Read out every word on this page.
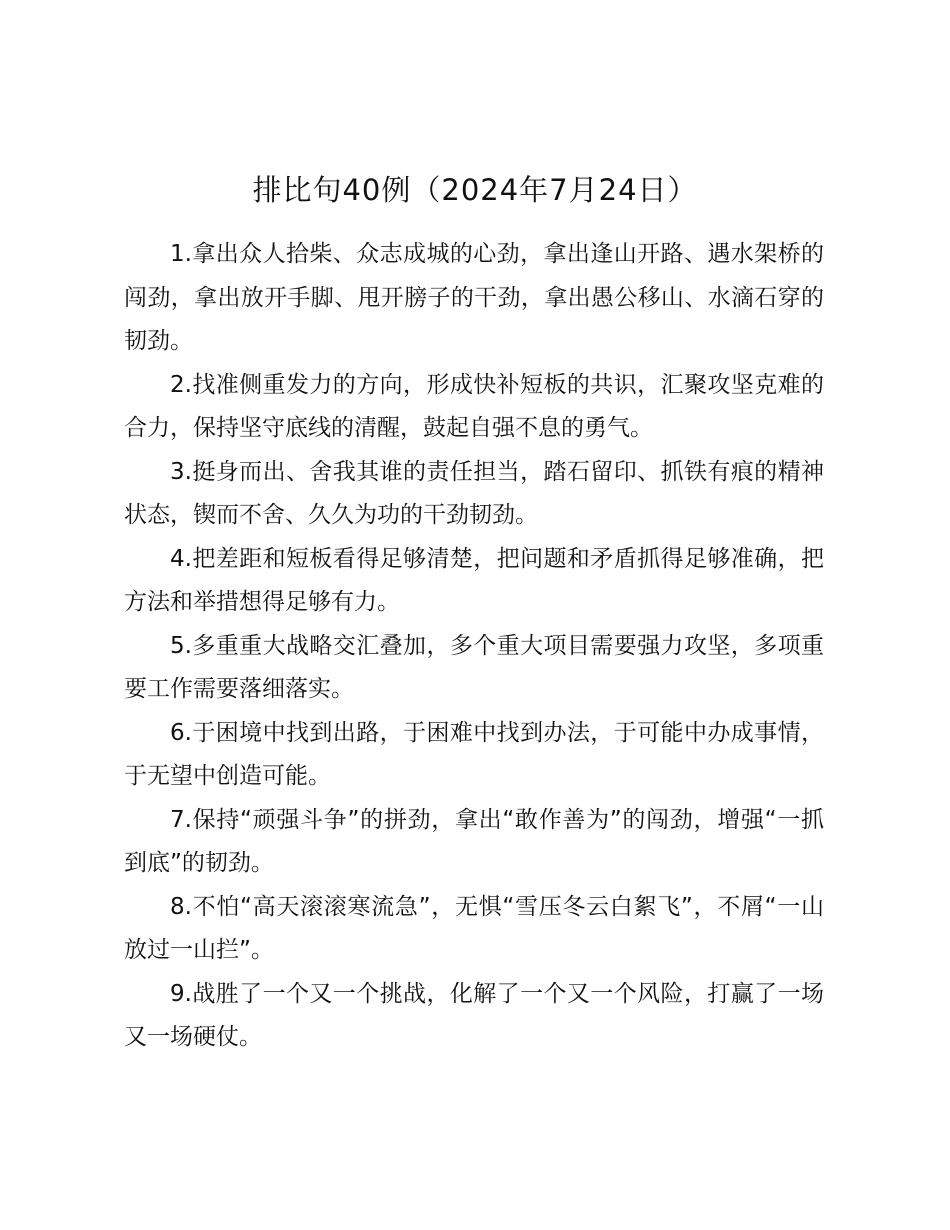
排比句40例（2024年7月24日）

1.拿出众人拾柴、众志成城的心劲，拿出逢山开路、遇水架桥的闯劲，拿出放开手脚、甩开膀子的干劲，拿出愚公移山、水滴石穿的韧劲。

2.找准侧重发力的方向，形成快补短板的共识，汇聚攻坚克难的合力，保持坚守底线的清醒，鼓起自强不息的勇气。

3.挺身而出、舍我其谁的责任担当，踏石留印、抓铁有痕的精神状态，锲而不舍、久久为功的干劲韧劲。

4.把差距和短板看得足够清楚，把问题和矛盾抓得足够准确，把方法和举措想得足够有力。

5.多重重大战略交汇叠加，多个重大项目需要强力攻坚，多项重要工作需要落细落实。

6.于困境中找到出路，于困难中找到办法，于可能中办成事情，于无望中创造可能。

7.保持“顽强斗争”的拼劲，拿出“敢作善为”的闯劲，增强“一抓到底”的韧劲。

8.不怕“高天滚滚寒流急”，无惧“雪压冬云白絮飞”，不屑“一山放过一山拦”。

9.战胜了一个又一个挑战，化解了一个又一个风险，打赢了一场又一场硬仗。
